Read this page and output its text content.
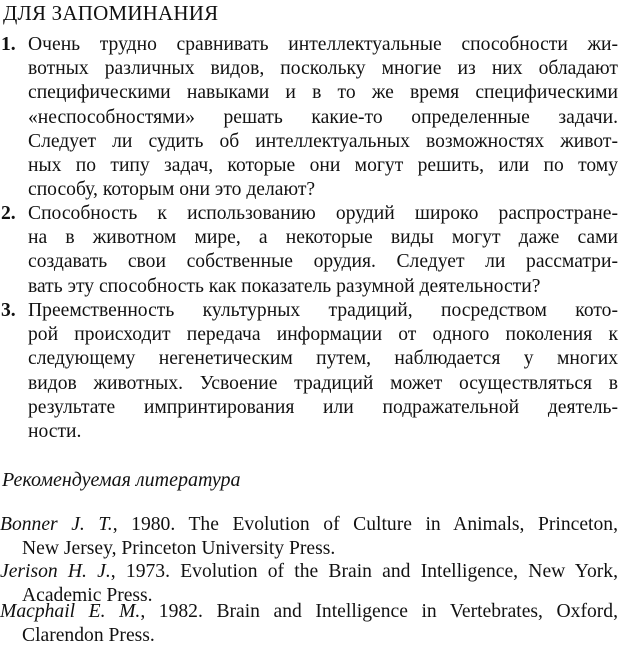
ДЛЯ ЗАПОМИНАНИЯ
1. Очень трудно сравнивать интеллектуальные способности жи-
вотных различных видов, поскольку многие из них обладают
специфическими навыками и в то же время специфическими
«неспособностями» решать какие-то определенные задачи.
Следует ли судить об интеллектуальных возможностях живот-
ных по типу задач, которые они могут решить, или по тому
способу, которым они это делают?
2. Способность к использованию орудий широко распростране-
на в животном мире, а некоторые виды могут даже сами
создавать свои собственные орудия. Следует ли рассматри-
вать эту способность как показатель разумной деятельности?
3. Преемственность культурных традиций, посредством кото-
рой происходит передача информации от одного поколения к
следующему негенетическим путем, наблюдается у многих
видов животных. Усвоение традиций может осуществляться в
результате импринтирования или подражательной деятель-
ности.
Рекомендуемая литература
Bonner J. T., 1980. The Evolution of Culture in Animals, Princeton,
New Jersey, Princeton University Press.
Jerison H. J., 1973. Evolution of the Brain and Intelligence, New York,
Academic Press.
Macphail E. M., 1982. Brain and Intelligence in Vertebrates, Oxford,
Clarendon Press.
